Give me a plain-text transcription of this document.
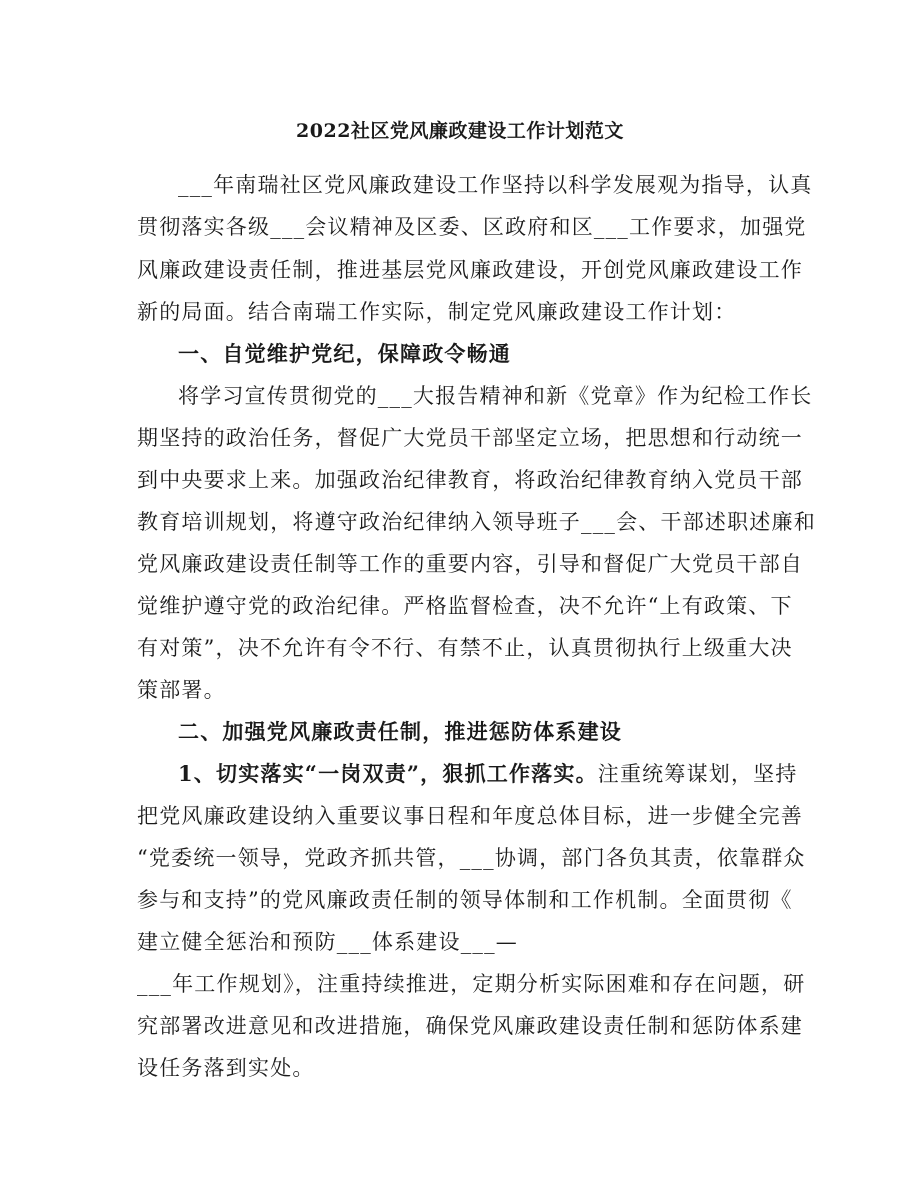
2022社区党风廉政建设工作计划范文
___年南瑞社区党风廉政建设工作坚持以科学发展观为指导，认真
贯彻落实各级___会议精神及区委、区政府和区___工作要求，加强党
风廉政建设责任制，推进基层党风廉政建设，开创党风廉政建设工作
新的局面。结合南瑞工作实际，制定党风廉政建设工作计划：
一、自觉维护党纪，保障政令畅通
将学习宣传贯彻党的___大报告精神和新《党章》作为纪检工作长
期坚持的政治任务，督促广大党员干部坚定立场，把思想和行动统一
到中央要求上来。加强政治纪律教育，将政治纪律教育纳入党员干部
教育培训规划，将遵守政治纪律纳入领导班子___会、干部述职述廉和
党风廉政建设责任制等工作的重要内容，引导和督促广大党员干部自
觉维护遵守党的政治纪律。严格监督检查，决不允许“上有政策、下
有对策”，决不允许有令不行、有禁不止，认真贯彻执行上级重大决
策部署。
二、加强党风廉政责任制，推进惩防体系建设
1、切实落实“一岗双责”，狠抓工作落实。注重统筹谋划，坚持
把党风廉政建设纳入重要议事日程和年度总体目标，进一步健全完善
“党委统一领导，党政齐抓共管，___协调，部门各负其责，依靠群众
参与和支持”的党风廉政责任制的领导体制和工作机制。全面贯彻《
建立健全惩治和预防___体系建设___—
___年工作规划》，注重持续推进，定期分析实际困难和存在问题，研
究部署改进意见和改进措施，确保党风廉政建设责任制和惩防体系建
设任务落到实处。
